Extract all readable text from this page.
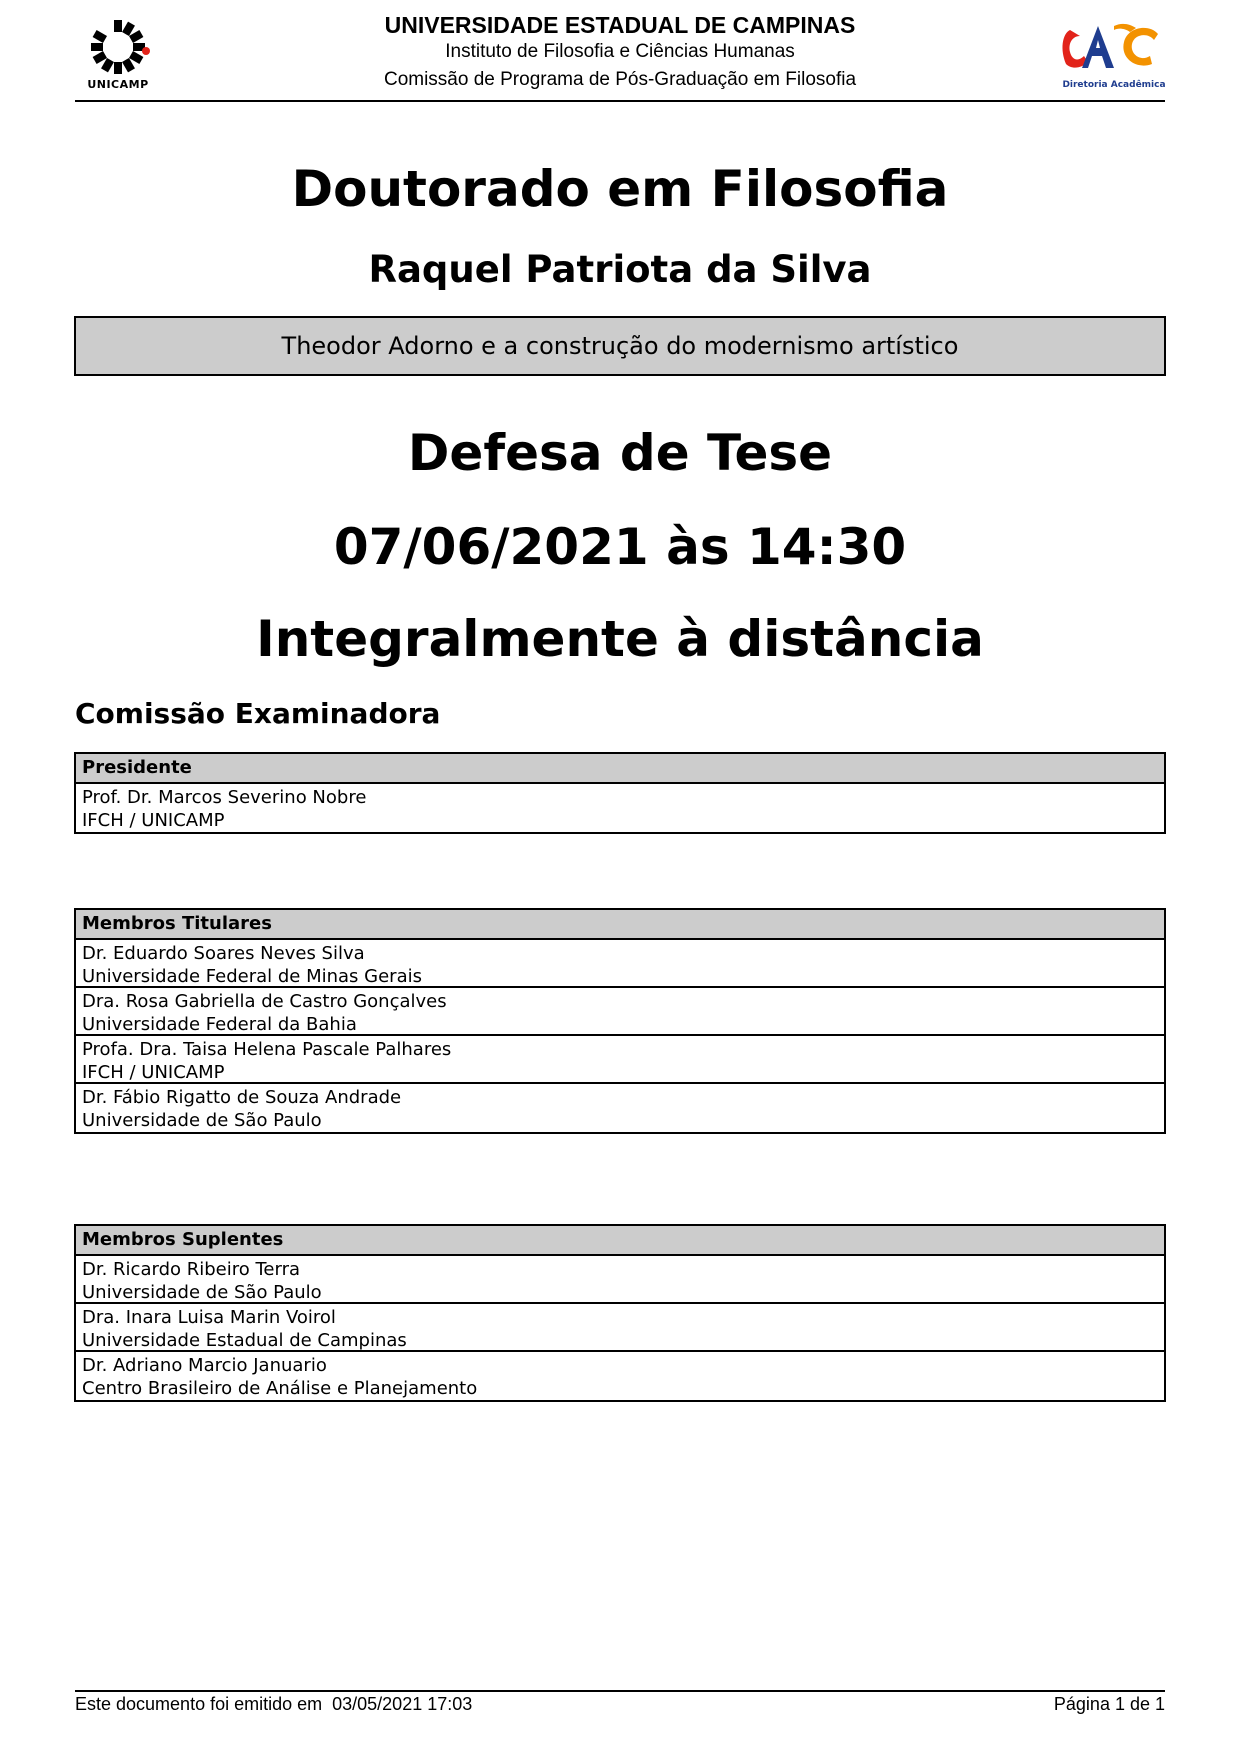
UNICAMP
UNIVERSIDADE ESTADUAL DE CAMPINAS
Instituto de Filosofia e Ciências Humanas
Comissão de Programa de Pós-Graduação em Filosofia	Diretoria Acadêmica
Doutorado em Filosofia
Raquel Patriota da Silva
Theodor Adorno e a construção do modernismo artístico
Defesa de Tese
07/06/2021 às 14:30
Integralmente à distância
Comissão Examinadora
Presidente
Prof. Dr. Marcos Severino Nobre
IFCH / UNICAMP
Membros Titulares
Dr. Eduardo Soares Neves Silva
Universidade Federal de Minas Gerais
Dra. Rosa Gabriella de Castro Gonçalves
Universidade Federal da Bahia
Profa. Dra. Taisa Helena Pascale Palhares
IFCH / UNICAMP
Dr. Fábio Rigatto de Souza Andrade
Universidade de São Paulo
Membros Suplentes
Dr. Ricardo Ribeiro Terra
Universidade de São Paulo
Dra. Inara Luisa Marin Voirol
Universidade Estadual de Campinas
Dr. Adriano Marcio Januario
Centro Brasileiro de Análise e Planejamento
Este documento foi emitido em 03/05/2021 17:03	Página 1 de 1
